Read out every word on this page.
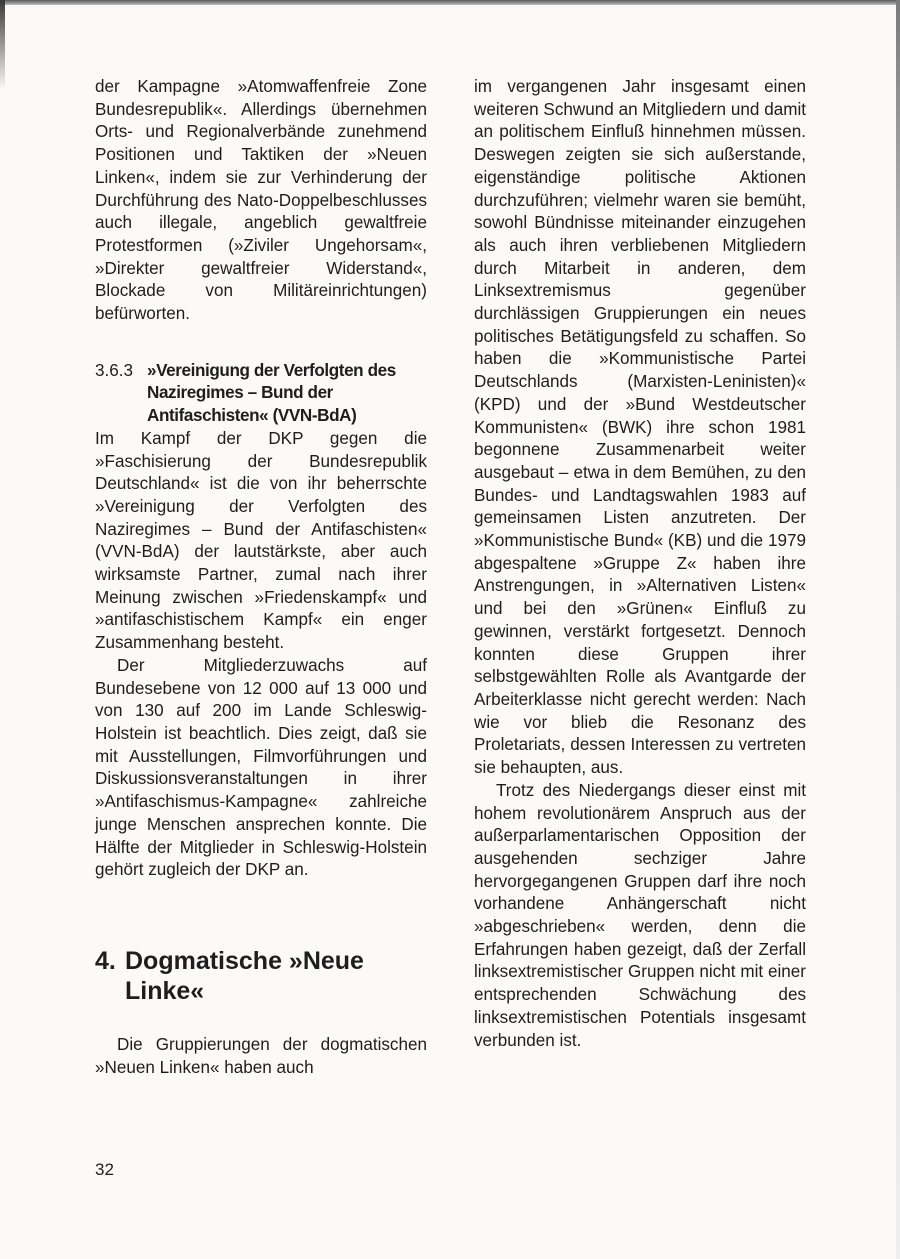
der Kampagne »Atomwaffenfreie Zone Bundesrepublik«. Allerdings übernehmen Orts- und Regionalverbände zunehmend Positionen und Taktiken der »Neuen Linken«, indem sie zur Verhinderung der Durchführung des Nato-Doppelbeschlusses auch illegale, angeblich gewaltfreie Protestformen (»Ziviler Ungehorsam«, »Direkter gewaltfreier Widerstand«, Blockade von Militäreinrichtungen) befürworten.

3.6.3 »Vereinigung der Verfolgten des Naziregimes – Bund der Antifaschisten« (VVN-BdA)

Im Kampf der DKP gegen die »Faschisierung der Bundesrepublik Deutschland« ist die von ihr beherrschte »Vereinigung der Verfolgten des Naziregimes – Bund der Antifaschisten« (VVN-BdA) der lautstärkste, aber auch wirksamste Partner, zumal nach ihrer Meinung zwischen »Friedenskampf« und »antifaschistischem Kampf« ein enger Zusammenhang besteht.

Der Mitgliederzuwachs auf Bundesebene von 12 000 auf 13 000 und von 130 auf 200 im Lande Schleswig-Holstein ist beachtlich. Dies zeigt, daß sie mit Ausstellungen, Filmvorführungen und Diskussionsveranstaltungen in ihrer »Antifaschismus-Kampagne« zahlreiche junge Menschen ansprechen konnte. Die Hälfte der Mitglieder in Schleswig-Holstein gehört zugleich der DKP an.

4. Dogmatische »Neue Linke«

Die Gruppierungen der dogmatischen »Neuen Linken« haben auch

im vergangenen Jahr insgesamt einen weiteren Schwund an Mitgliedern und damit an politischem Einfluß hinnehmen müssen. Deswegen zeigten sie sich außerstande, eigenständige politische Aktionen durchzuführen; vielmehr waren sie bemüht, sowohl Bündnisse miteinander einzugehen als auch ihren verbliebenen Mitgliedern durch Mitarbeit in anderen, dem Linksextremismus gegenüber durchlässigen Gruppierungen ein neues politisches Betätigungsfeld zu schaffen. So haben die »Kommunistische Partei Deutschlands (Marxisten-Leninisten)« (KPD) und der »Bund Westdeutscher Kommunisten« (BWK) ihre schon 1981 begonnene Zusammenarbeit weiter ausgebaut – etwa in dem Bemühen, zu den Bundes- und Landtagswahlen 1983 auf gemeinsamen Listen anzutreten. Der »Kommunistische Bund« (KB) und die 1979 abgespaltene »Gruppe Z« haben ihre Anstrengungen, in »Alternativen Listen« und bei den »Grünen« Einfluß zu gewinnen, verstärkt fortgesetzt. Dennoch konnten diese Gruppen ihrer selbstgewählten Rolle als Avantgarde der Arbeiterklasse nicht gerecht werden: Nach wie vor blieb die Resonanz des Proletariats, dessen Interessen zu vertreten sie behaupten, aus.

Trotz des Niedergangs dieser einst mit hohem revolutionärem Anspruch aus der außerparlamentarischen Opposition der ausgehenden sechziger Jahre hervorgegangenen Gruppen darf ihre noch vorhandene Anhängerschaft nicht »abgeschrieben« werden, denn die Erfahrungen haben gezeigt, daß der Zerfall linksextremistischer Gruppen nicht mit einer entsprechenden Schwächung des linksextremistischen Potentials insgesamt verbunden ist.

32
